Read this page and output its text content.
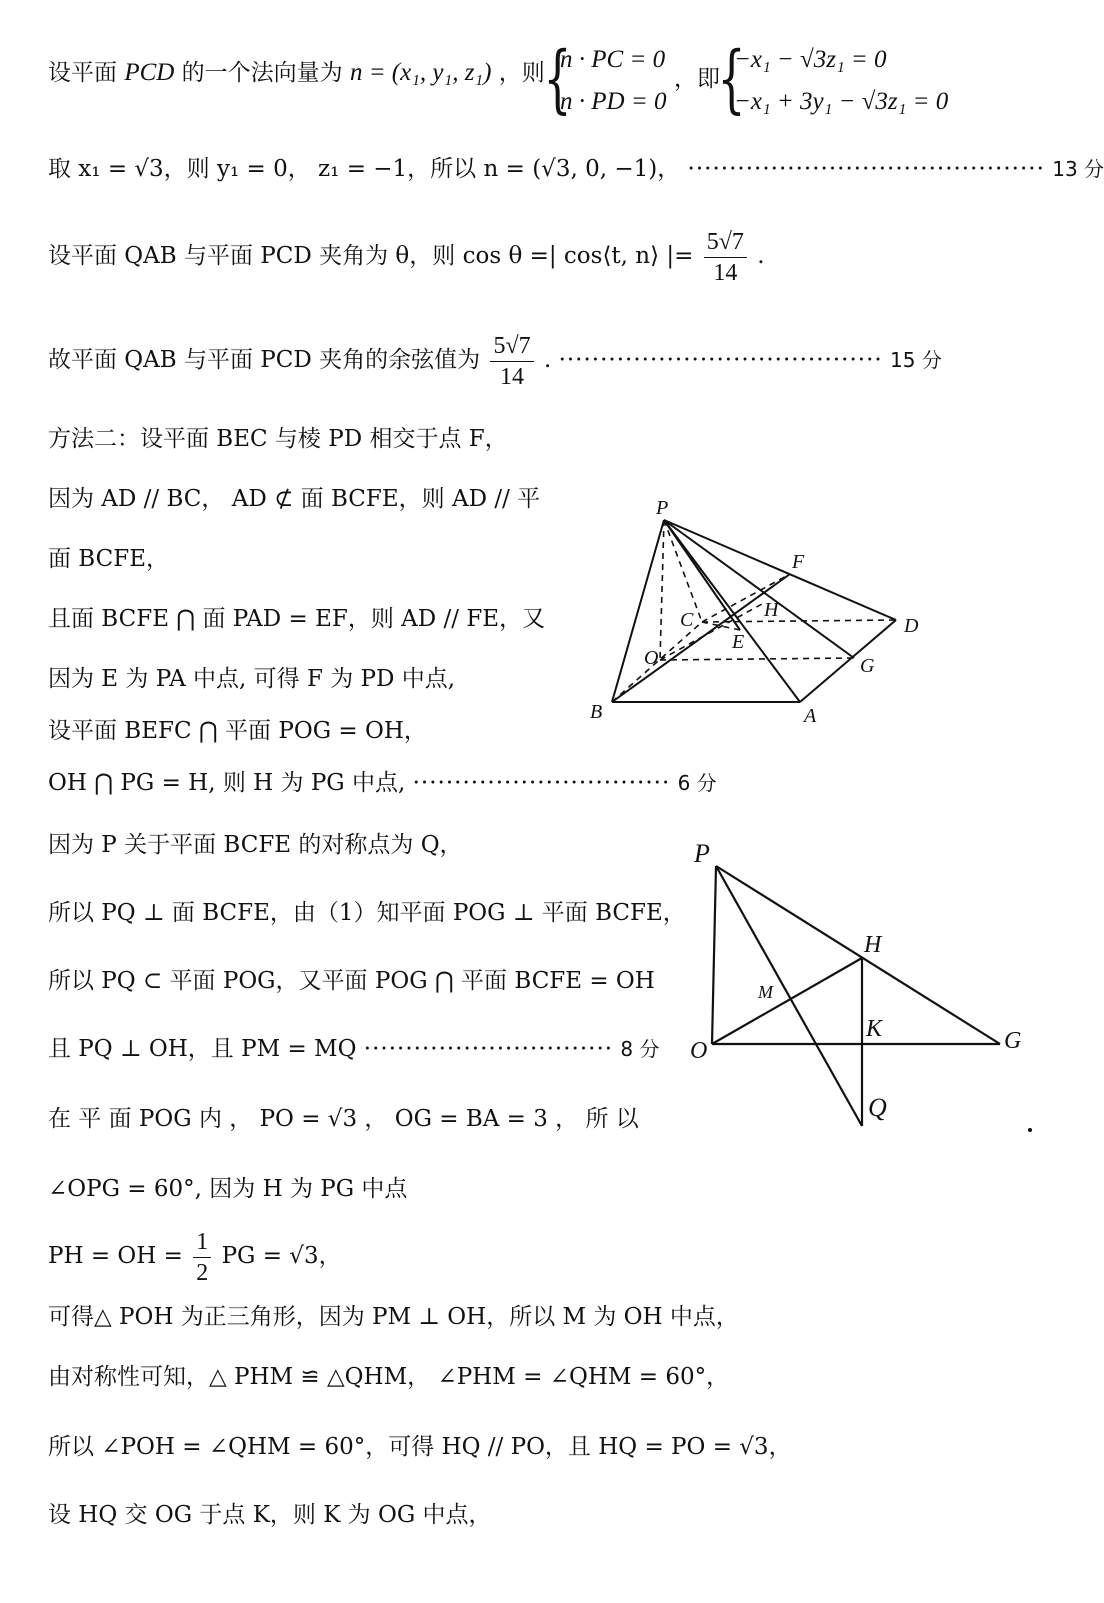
设平面 PCD 的一个法向量为 n = (x₁, y₁, z₁) ，则
{
n · PC = 0
n · PD = 0
，即
{
−x₁ − √3z₁ = 0
−x₁ + 3y₁ − √3z₁ = 0
取 x₁ = √3，则 y₁ = 0， z₁ = −1，所以 n = (√3, 0, −1)， ··········································· 13 分
设平面 QAB 与平面 PCD 夹角为 θ，则 cos θ =| cos⟨t, n⟩ |= $\frac{5√7}{14}$ .
故平面 QAB 与平面 PCD 夹角的余弦值为 $\frac{5√7}{14}$ . ······································· 15 分
方法二：设平面 BEC 与棱 PD 相交于点 F，
因为 AD // BC， AD ⊄ 面 BCFE，则 AD // 平
面 BCFE，
且面 BCFE ⋂ 面 PAD = EF，则 AD // FE，又
因为 E 为 PA 中点, 可得 F 为 PD 中点,
设平面 BEFC ⋂ 平面 POG = OH，
OH ⋂ PG = H, 则 H 为 PG 中点, ······························· 6 分
因为 P 关于平面 BCFE 的对称点为 Q，
所以 PQ ⊥ 面 BCFE，由（1）知平面 POG ⊥ 平面 BCFE，
所以 PQ ⊂ 平面 POG，又平面 POG ⋂ 平面 BCFE = OH
且 PQ ⊥ OH，且 PM = MQ ······························ 8 分
在 平 面 POG 内 ， PO = √3 ， OG = BA = 3 ， 所 以
∠OPG = 60°, 因为 H 为 PG 中点
PH = OH = $\frac{1}{2}$ PG = √3，
可得△ POH 为正三角形，因为 PM ⊥ OH，所以 M 为 OH 中点，
由对称性可知，△ PHM ≌ △QHM， ∠PHM = ∠QHM = 60°，
所以 ∠POH = ∠QHM = 60°，可得 HQ // PO，且 HQ = PO = √3，
设 HQ 交 OG 于点 K，则 K 为 OG 中点，
P
F
C	H
E
D
O	G
B	A
P
H
M
K
O	G
Q
